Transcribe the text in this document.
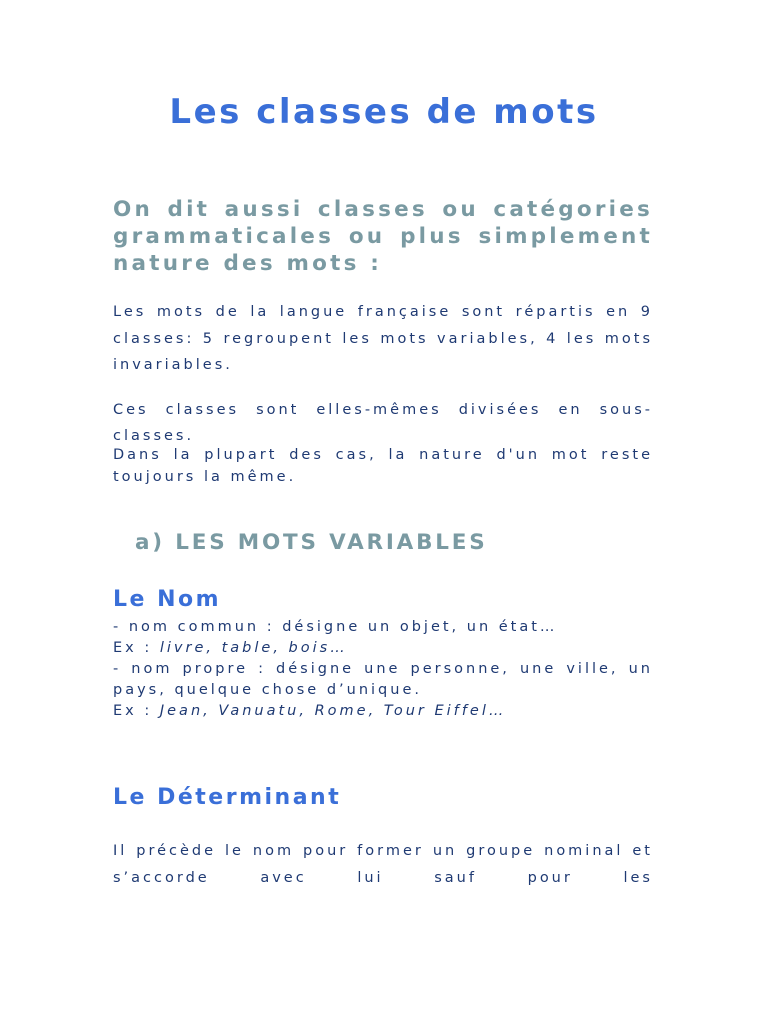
Les classes de mots

On dit aussi classes ou catégories grammaticales ou plus simplement nature des mots :

Les mots de la langue française sont répartis en 9 classes: 5 regroupent les mots variables, 4 les mots invariables.

Ces classes sont elles-mêmes divisées en sous-classes.

Dans la plupart des cas, la nature d'un mot reste toujours la même.

a) LES MOTS VARIABLES
Le Nom
- nom commun : désigne un objet, un état…
Ex : livre, table, bois…
- nom propre : désigne une personne, une ville, un pays, quelque chose d’unique.
Ex : Jean, Vanuatu, Rome, Tour Eiffel…
Le Déterminant

Il précède le nom pour former un groupe nominal et s’accorde avec lui sauf pour les
